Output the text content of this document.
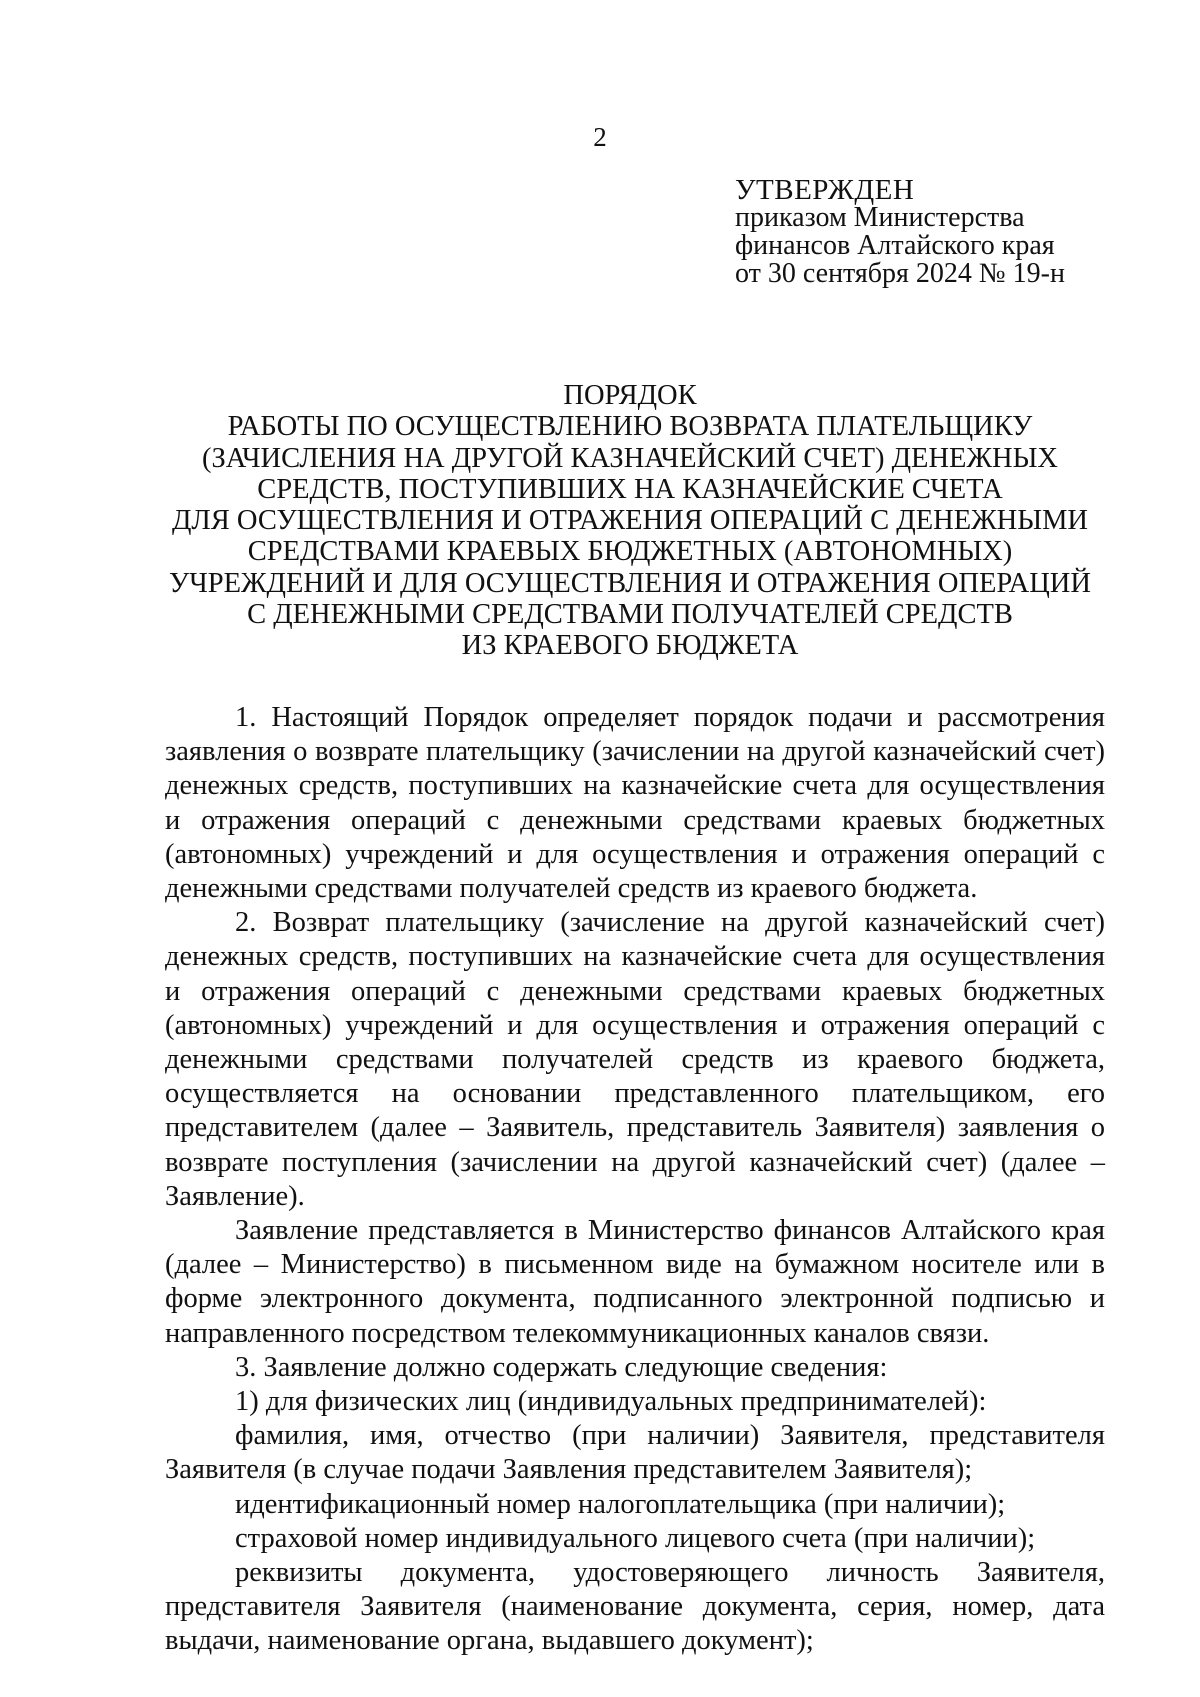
2
УТВЕРЖДЕН
приказом Министерства
финансов Алтайского края
от 30 сентября 2024 № 19-н
ПОРЯДОК
РАБОТЫ ПО ОСУЩЕСТВЛЕНИЮ ВОЗВРАТА ПЛАТЕЛЬЩИКУ
(ЗАЧИСЛЕНИЯ НА ДРУГОЙ КАЗНАЧЕЙСКИЙ СЧЕТ) ДЕНЕЖНЫХ
СРЕДСТВ, ПОСТУПИВШИХ НА КАЗНАЧЕЙСКИЕ СЧЕТА
ДЛЯ ОСУЩЕСТВЛЕНИЯ И ОТРАЖЕНИЯ ОПЕРАЦИЙ С ДЕНЕЖНЫМИ
СРЕДСТВАМИ КРАЕВЫХ БЮДЖЕТНЫХ (АВТОНОМНЫХ)
УЧРЕЖДЕНИЙ И ДЛЯ ОСУЩЕСТВЛЕНИЯ И ОТРАЖЕНИЯ ОПЕРАЦИЙ
С ДЕНЕЖНЫМИ СРЕДСТВАМИ ПОЛУЧАТЕЛЕЙ СРЕДСТВ
ИЗ КРАЕВОГО БЮДЖЕТА

1. Настоящий Порядок определяет порядок подачи и рассмотрения заявления о возврате плательщику (зачислении на другой казначейский счет) денежных средств, поступивших на казначейские счета для осуществления и отражения операций с денежными средствами краевых бюджетных (автономных) учреждений и для осуществления и отражения операций с денежными средствами получателей средств из краевого бюджета.

2. Возврат плательщику (зачисление на другой казначейский счет) денежных средств, поступивших на казначейские счета для осуществления и отражения операций с денежными средствами краевых бюджетных (автономных) учреждений и для осуществления и отражения операций с денежными средствами получателей средств из краевого бюджета, осуществляется на основании представленного плательщиком, его представителем (далее – Заявитель, представитель Заявителя) заявления о возврате поступления (зачислении на другой казначейский счет) (далее – Заявление).

Заявление представляется в Министерство финансов Алтайского края (далее – Министерство) в письменном виде на бумажном носителе или в форме электронного документа, подписанного электронной подписью и направленного посредством телекоммуникационных каналов связи.

3. Заявление должно содержать следующие сведения:

1) для физических лиц (индивидуальных предпринимателей):

фамилия, имя, отчество (при наличии) Заявителя, представителя Заявителя (в случае подачи Заявления представителем Заявителя);

идентификационный номер налогоплательщика (при наличии);

страховой номер индивидуального лицевого счета (при наличии);

реквизиты документа, удостоверяющего личность Заявителя, представителя Заявителя (наименование документа, серия, номер, дата выдачи, наименование органа, выдавшего документ);
